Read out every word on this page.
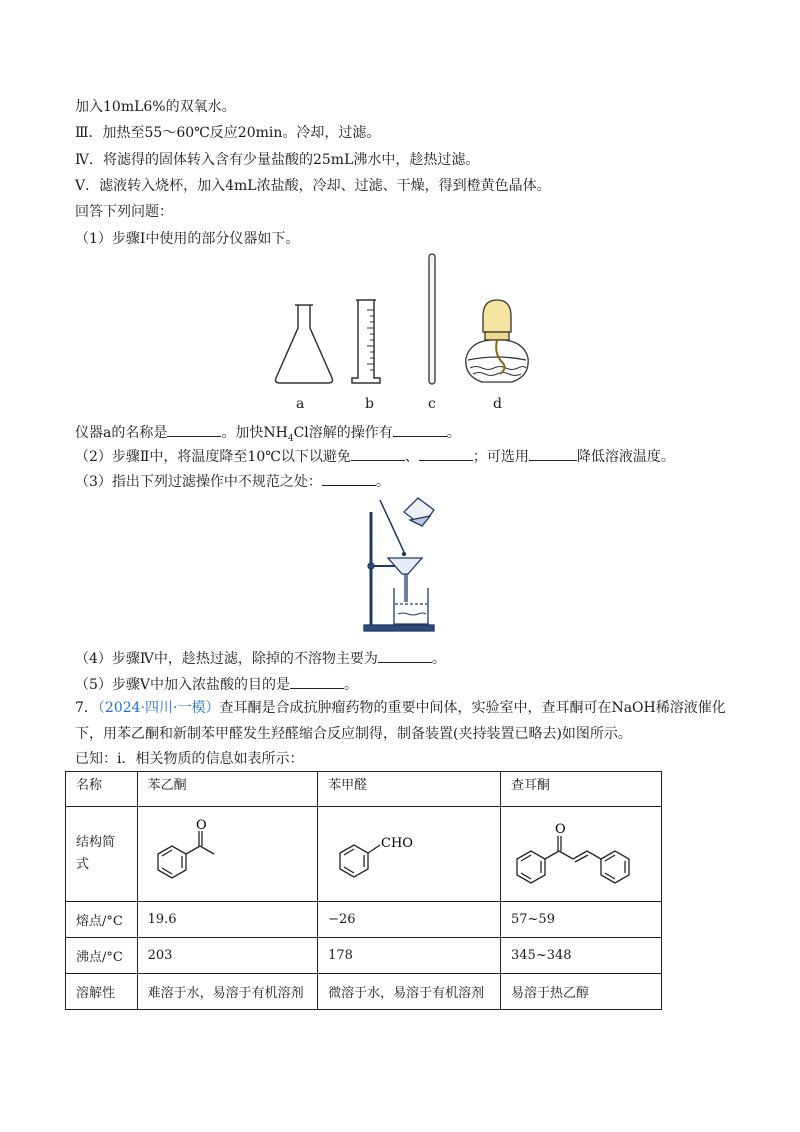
加入10mL6%的双氧水。
Ⅲ．加热至55～60℃反应20min。冷却，过滤。
Ⅳ．将滤得的固体转入含有少量盐酸的25mL沸水中，趁热过滤。
Ⅴ．滤液转入烧杯，加入4mL浓盐酸，冷却、过滤、干燥，得到橙黄色晶体。
回答下列问题：
（1）步骤Ⅰ中使用的部分仪器如下。
a	b	c	d
仪器a的名称是	。加快$NH_4Cl$溶解的操作有	。
（2）步骤Ⅱ中，将温度降至10℃以下以避免	、	；可选用	降低溶液温度。
（3）指出下列过滤操作中不规范之处：	。
（4）步骤Ⅳ中，趁热过滤，除掉的不溶物主要为	。
（5）步骤Ⅴ中加入浓盐酸的目的是	。
7．（2024·四川·一模）查耳酮是合成抗肿瘤药物的重要中间体，实验室中，查耳酮可在NaOH稀溶液催化
下，用苯乙酮和新制苯甲醛发生羟醛缩合反应制得，制备装置(夹持装置已略去)如图所示。
已知：ⅰ．相关物质的信息如表所示：
名称	苯乙酮	苯甲醛	查耳酮
结构简式	O	CHO	O

熔点/°C	19.6	−26	57~59
沸点/°C	203	178	345~348
溶解性	难溶于水，易溶于有机溶剂	微溶于水，易溶于有机溶剂	易溶于热乙醇
